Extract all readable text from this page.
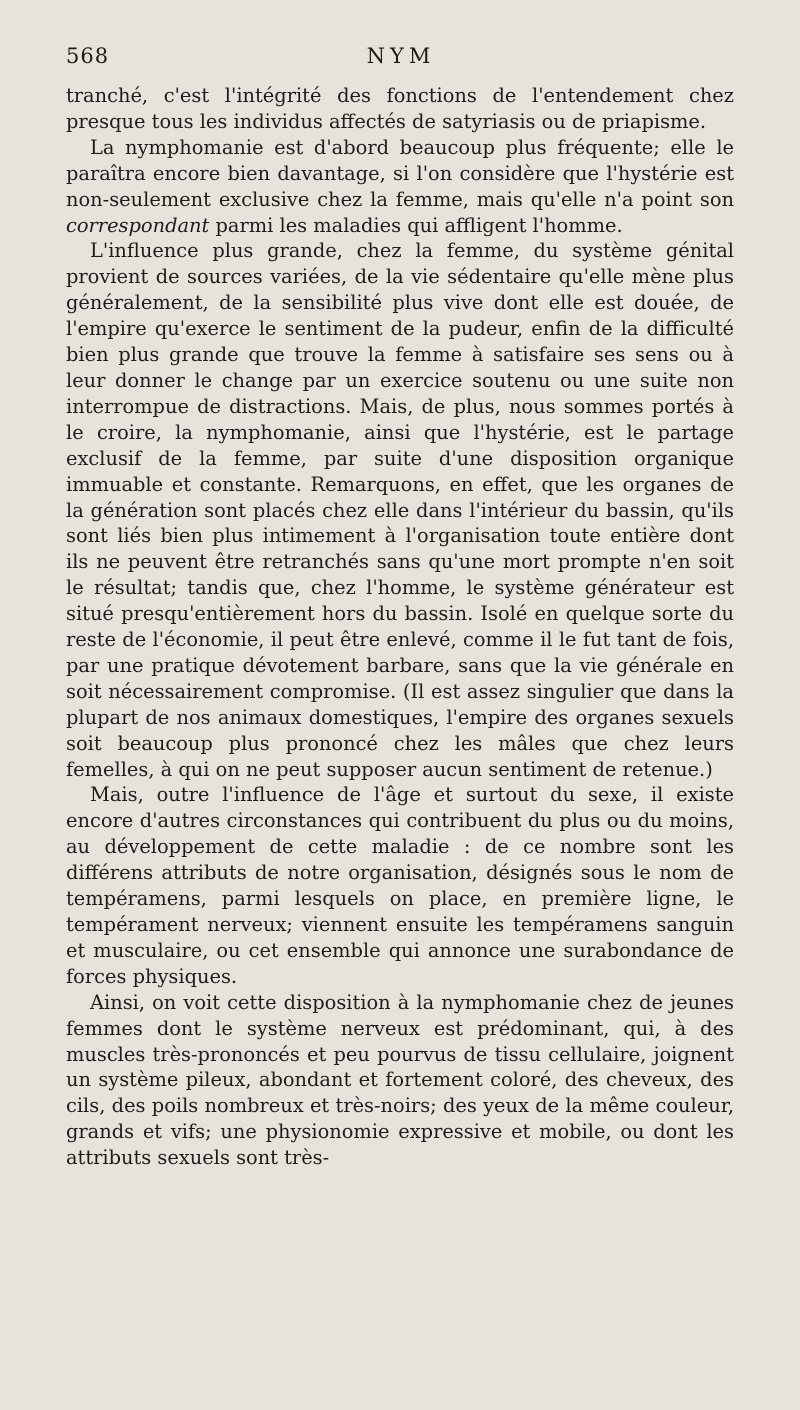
568	NYM

tranché, c'est l'intégrité des fonctions de l'entendement chez presque tous les individus affectés de satyriasis ou de priapisme.

La nymphomanie est d'abord beaucoup plus fréquente; elle le paraîtra encore bien davantage, si l'on considère que l'hystérie est non-seulement exclusive chez la femme, mais qu'elle n'a point son correspondant parmi les maladies qui affligent l'homme.

L'influence plus grande, chez la femme, du système génital provient de sources variées, de la vie sédentaire qu'elle mène plus généralement, de la sensibilité plus vive dont elle est douée, de l'empire qu'exerce le sentiment de la pudeur, enfin de la difficulté bien plus grande que trouve la femme à satisfaire ses sens ou à leur donner le change par un exercice soutenu ou une suite non interrompue de distractions. Mais, de plus, nous sommes portés à le croire, la nymphomanie, ainsi que l'hystérie, est le partage exclusif de la femme, par suite d'une disposition organique immuable et constante. Remarquons, en effet, que les organes de la génération sont placés chez elle dans l'intérieur du bassin, qu'ils sont liés bien plus intimement à l'organisation toute entière dont ils ne peuvent être retranchés sans qu'une mort prompte n'en soit le résultat; tandis que, chez l'homme, le système générateur est situé presqu'entièrement hors du bassin. Isolé en quelque sorte du reste de l'économie, il peut être enlevé, comme il le fut tant de fois, par une pratique dévotement barbare, sans que la vie générale en soit nécessairement compromise. (Il est assez singulier que dans la plupart de nos animaux domestiques, l'empire des organes sexuels soit beaucoup plus prononcé chez les mâles que chez leurs femelles, à qui on ne peut supposer aucun sentiment de retenue.)

Mais, outre l'influence de l'âge et surtout du sexe, il existe encore d'autres circonstances qui contribuent du plus ou du moins, au développement de cette maladie : de ce nombre sont les différens attributs de notre organisation, désignés sous le nom de tempéramens, parmi lesquels on place, en première ligne, le tempérament nerveux; viennent ensuite les tempéramens sanguin et musculaire, ou cet ensemble qui annonce une surabondance de forces physiques.

Ainsi, on voit cette disposition à la nymphomanie chez de jeunes femmes dont le système nerveux est prédominant, qui, à des muscles très-prononcés et peu pourvus de tissu cellulaire, joignent un système pileux, abondant et fortement coloré, des cheveux, des cils, des poils nombreux et très-noirs; des yeux de la même couleur, grands et vifs; une physionomie expressive et mobile, ou dont les attributs sexuels sont très-
